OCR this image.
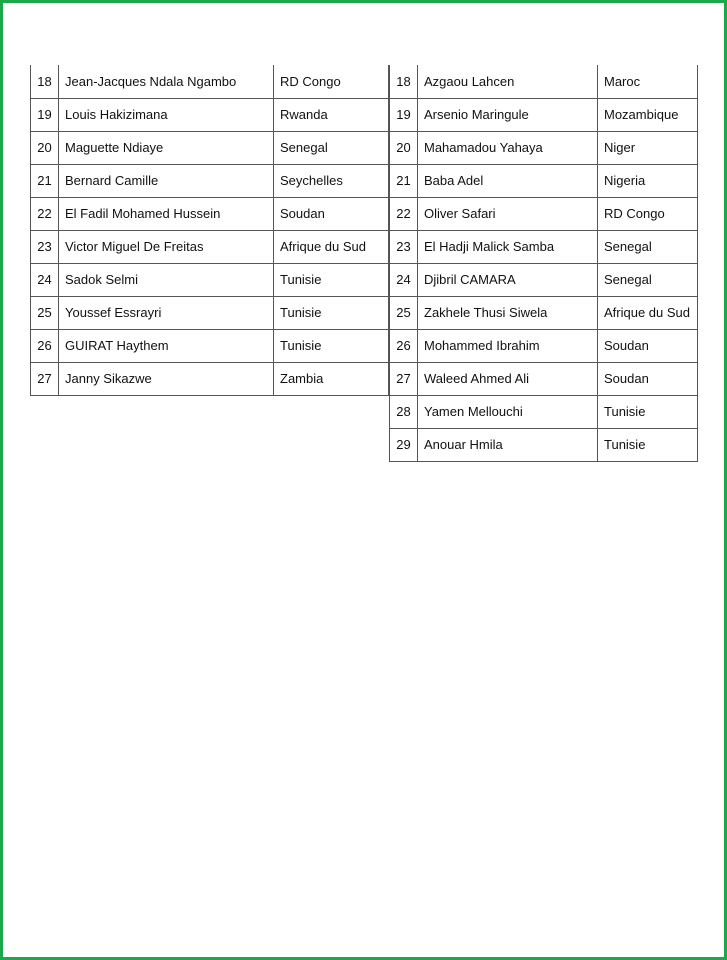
18	Jean-Jacques Ndala Ngambo	RD Congo
19	Louis Hakizimana	Rwanda
20	Maguette Ndiaye	Senegal
21	Bernard Camille	Seychelles
22	El Fadil Mohamed Hussein	Soudan
23	Victor Miguel De Freitas	Afrique du Sud
24	Sadok Selmi	Tunisie
25	Youssef Essrayri	Tunisie
26	GUIRAT Haythem	Tunisie
27	Janny Sikazwe	Zambia
18	Azgaou Lahcen	Maroc
19	Arsenio Maringule	Mozambique
20	Mahamadou Yahaya	Niger
21	Baba Adel	Nigeria
22	Oliver Safari	RD Congo
23	El Hadji Malick Samba	Senegal
24	Djibril CAMARA	Senegal
25	Zakhele Thusi Siwela	Afrique du Sud
26	Mohammed Ibrahim	Soudan
27	Waleed Ahmed Ali	Soudan
28	Yamen Mellouchi	Tunisie
29	Anouar Hmila	Tunisie
